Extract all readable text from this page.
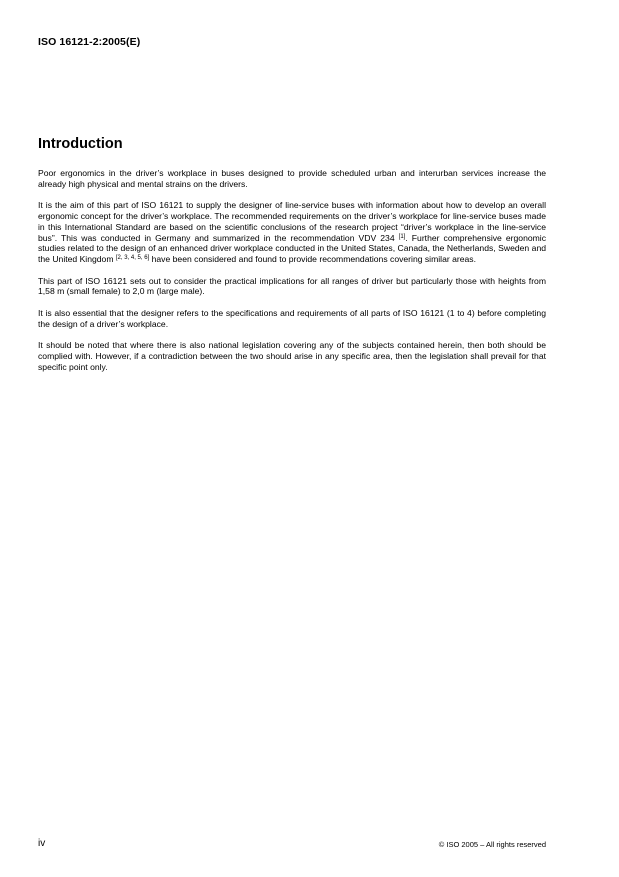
ISO 16121-2:2005(E)
Introduction

Poor ergonomics in the driver’s workplace in buses designed to provide scheduled urban and interurban services increase the already high physical and mental strains on the drivers.

It is the aim of this part of ISO 16121 to supply the designer of line-service buses with information about how to develop an overall ergonomic concept for the driver’s workplace. The recommended requirements on the driver’s workplace for line-service buses made in this International Standard are based on the scientific conclusions of the research project “driver’s workplace in the line-service bus”. This was conducted in Germany and summarized in the recommendation VDV 234 [1]. Further comprehensive ergonomic studies related to the design of an enhanced driver workplace conducted in the United States, Canada, the Netherlands, Sweden and the United Kingdom [2, 3, 4, 5, 6] have been considered and found to provide recommendations covering similar areas.

This part of ISO 16121 sets out to consider the practical implications for all ranges of driver but particularly those with heights from 1,58 m (small female) to 2,0 m (large male).

It is also essential that the designer refers to the specifications and requirements of all parts of ISO 16121 (1 to 4) before completing the design of a driver’s workplace.

It should be noted that where there is also national legislation covering any of the subjects contained herein, then both should be complied with. However, if a contradiction between the two should arise in any specific area, then the legislation shall prevail for that specific point only.

iv	© ISO 2005 – All rights reserved
